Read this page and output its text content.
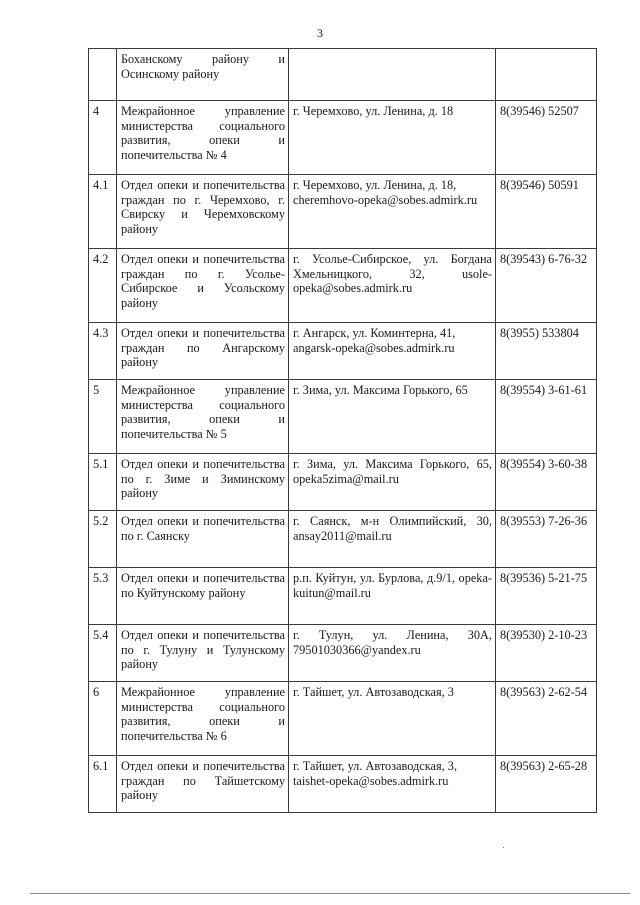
3
	Боханскому району и Осинскому району		
4	Межрайонное управление министерства социального развития, опеки и попечительства № 4	г. Черемхово, ул. Ленина, д. 18	8(39546) 52507
4.1	Отдел опеки и попечительства граждан по г. Черемхово, г. Свирску и Черемховскому району	г. Черемхово, ул. Ленина, д. 18,
cheremhovo-opeka@sobes.admirk.ru	8(39546) 50591
4.2	Отдел опеки и попечительства граждан по г. Усолье-Сибирское и Усольскому району	г. Усолье-Сибирское, ул. Богдана Хмельницкого, 32, usole-opeka@sobes.admirk.ru	8(39543) 6-76-32
4.3	Отдел опеки и попечительства граждан по Ангарскому району	г. Ангарск, ул. Коминтерна, 41,
angarsk-opeka@sobes.admirk.ru	8(3955) 533804
5	Межрайонное управление министерства социального развития, опеки и попечительства № 5	г. Зима, ул. Максима Горького, 65	8(39554) 3-61-61
5.1	Отдел опеки и попечительства по г. Зиме и Зиминскому району	г. Зима, ул. Максима Горького, 65, opeka5zima@mail.ru	8(39554) 3-60-38
5.2	Отдел опеки и попечительства по г. Саянску	г. Саянск, м-н Олимпийский, 30, ansay2011@mail.ru	8(39553) 7-26-36
5.3	Отдел опеки и попечительства по Куйтунскому району	р.п. Куйтун, ул. Бурлова, д.9/1, opeka-kuitun@mail.ru	8(39536) 5-21-75
5.4	Отдел опеки и попечительства по г. Тулуну и Тулунскому району	г. Тулун, ул. Ленина, 30А, 79501030366@yandex.ru	8(39530) 2-10-23
6	Межрайонное управление министерства социального развития, опеки и попечительства № 6	г. Тайшет, ул. Автозаводская, 3	8(39563) 2-62-54
6.1	Отдел опеки и попечительства граждан по Тайшетскому району	г. Тайшет, ул. Автозаводская, 3,
taishet-opeka@sobes.admirk.ru	8(39563) 2-65-28
